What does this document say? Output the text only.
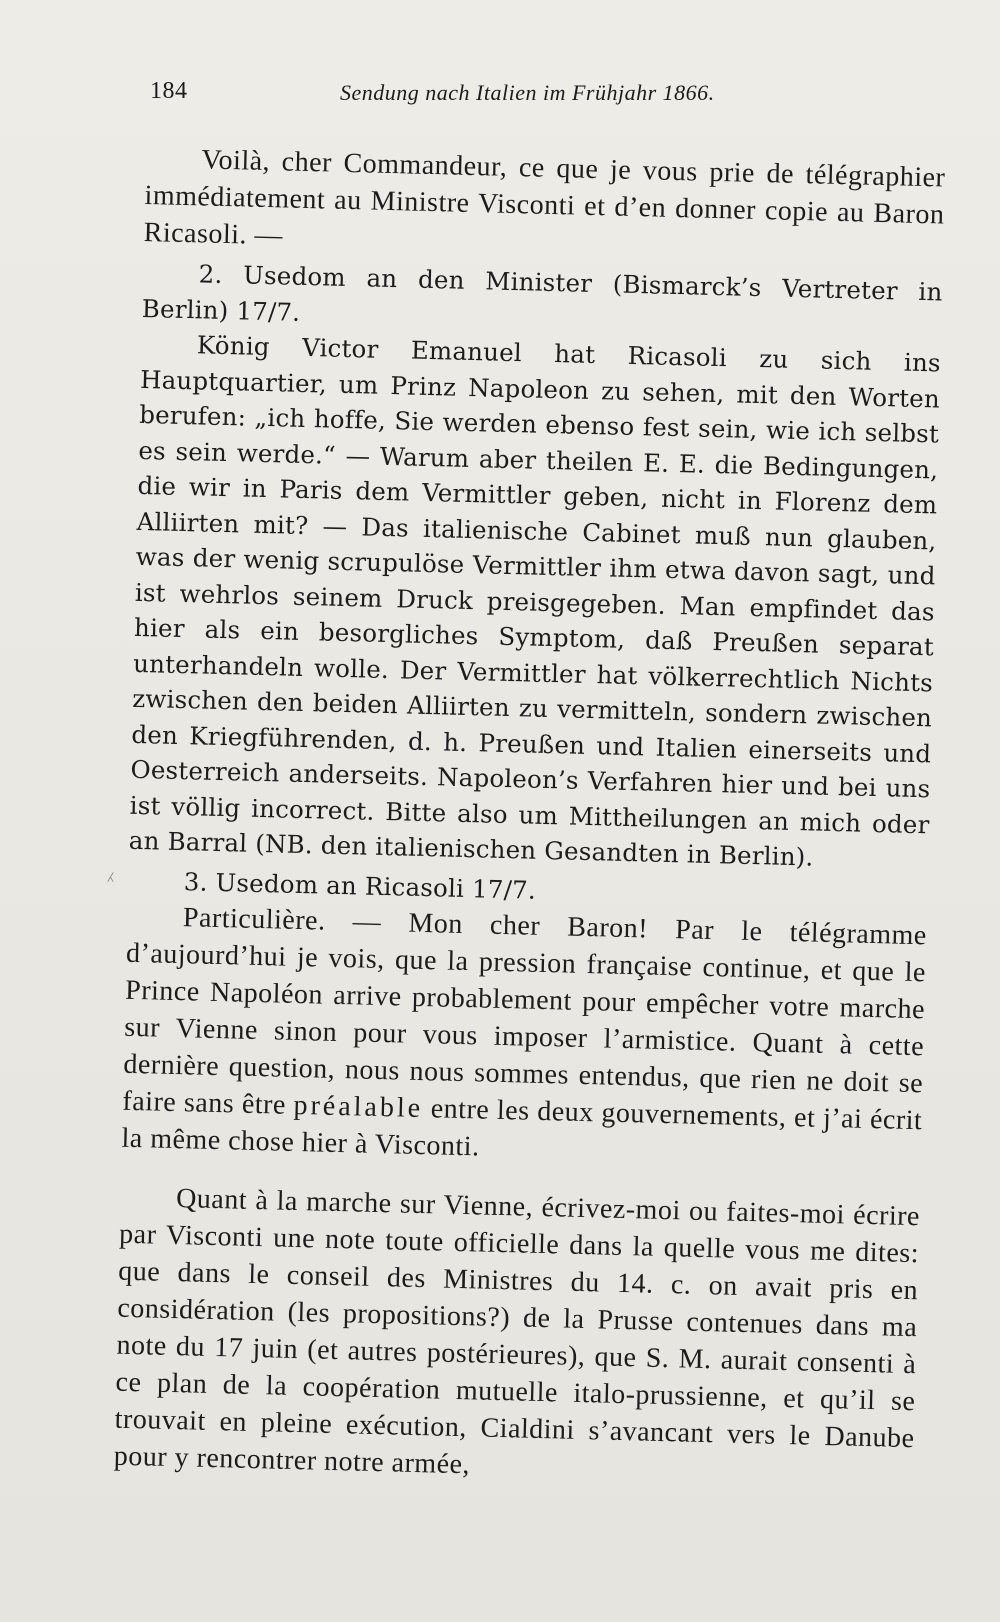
184	Sendung nach Italien im Frühjahr 1866.
⁁

Voilà, cher Commandeur, ce que je vous prie de télégraphier immédiatement au Ministre Visconti et d’en donner copie au Baron Ricasoli. —

2. Usedom an den Minister (Bismarck’s Vertreter in Berlin) 17/7.

König Victor Emanuel hat Ricasoli zu sich ins Hauptquartier, um Prinz Napoleon zu sehen, mit den Worten berufen: „ich hoffe, Sie werden ebenso fest sein, wie ich selbst es sein werde.“ — Warum aber theilen E. E. die Bedingungen, die wir in Paris dem Vermittler geben, nicht in Florenz dem Alliirten mit? — Das italienische Cabinet muß nun glauben, was der wenig scrupulöse Vermittler ihm etwa davon sagt, und ist wehrlos seinem Druck preisgegeben. Man empfindet das hier als ein besorgliches Symptom, daß Preußen separat unterhandeln wolle. Der Vermittler hat völkerrechtlich Nichts zwischen den beiden Alliirten zu vermitteln, sondern zwischen den Kriegführenden, d. h. Preußen und Italien einerseits und Oesterreich anderseits. Napoleon’s Verfahren hier und bei uns ist völlig incorrect. Bitte also um Mittheilungen an mich oder an Barral (NB. den italienischen Gesandten in Berlin).

3. Usedom an Ricasoli 17/7.

Particulière. — Mon cher Baron! Par le télégramme d’aujourd’hui je vois, que la pression française continue, et que le Prince Napoléon arrive probablement pour empêcher votre marche sur Vienne sinon pour vous imposer l’armistice. Quant à cette dernière question, nous nous sommes entendus, que rien ne doit se faire sans être préalable entre les deux gouvernements, et j’ai écrit la même chose hier à Visconti.

Quant à la marche sur Vienne, écrivez-moi ou faites-moi écrire par Visconti une note toute officielle dans la quelle vous me dites: que dans le conseil des Ministres du 14. c. on avait pris en considération (les propositions?) de la Prusse contenues dans ma note du 17 juin (et autres postérieures), que S. M. aurait consenti à ce plan de la coopération mutuelle italo-prussienne, et qu’il se trouvait en pleine exécution, Cialdini s’avancant vers le Danube pour y rencontrer notre armée,
